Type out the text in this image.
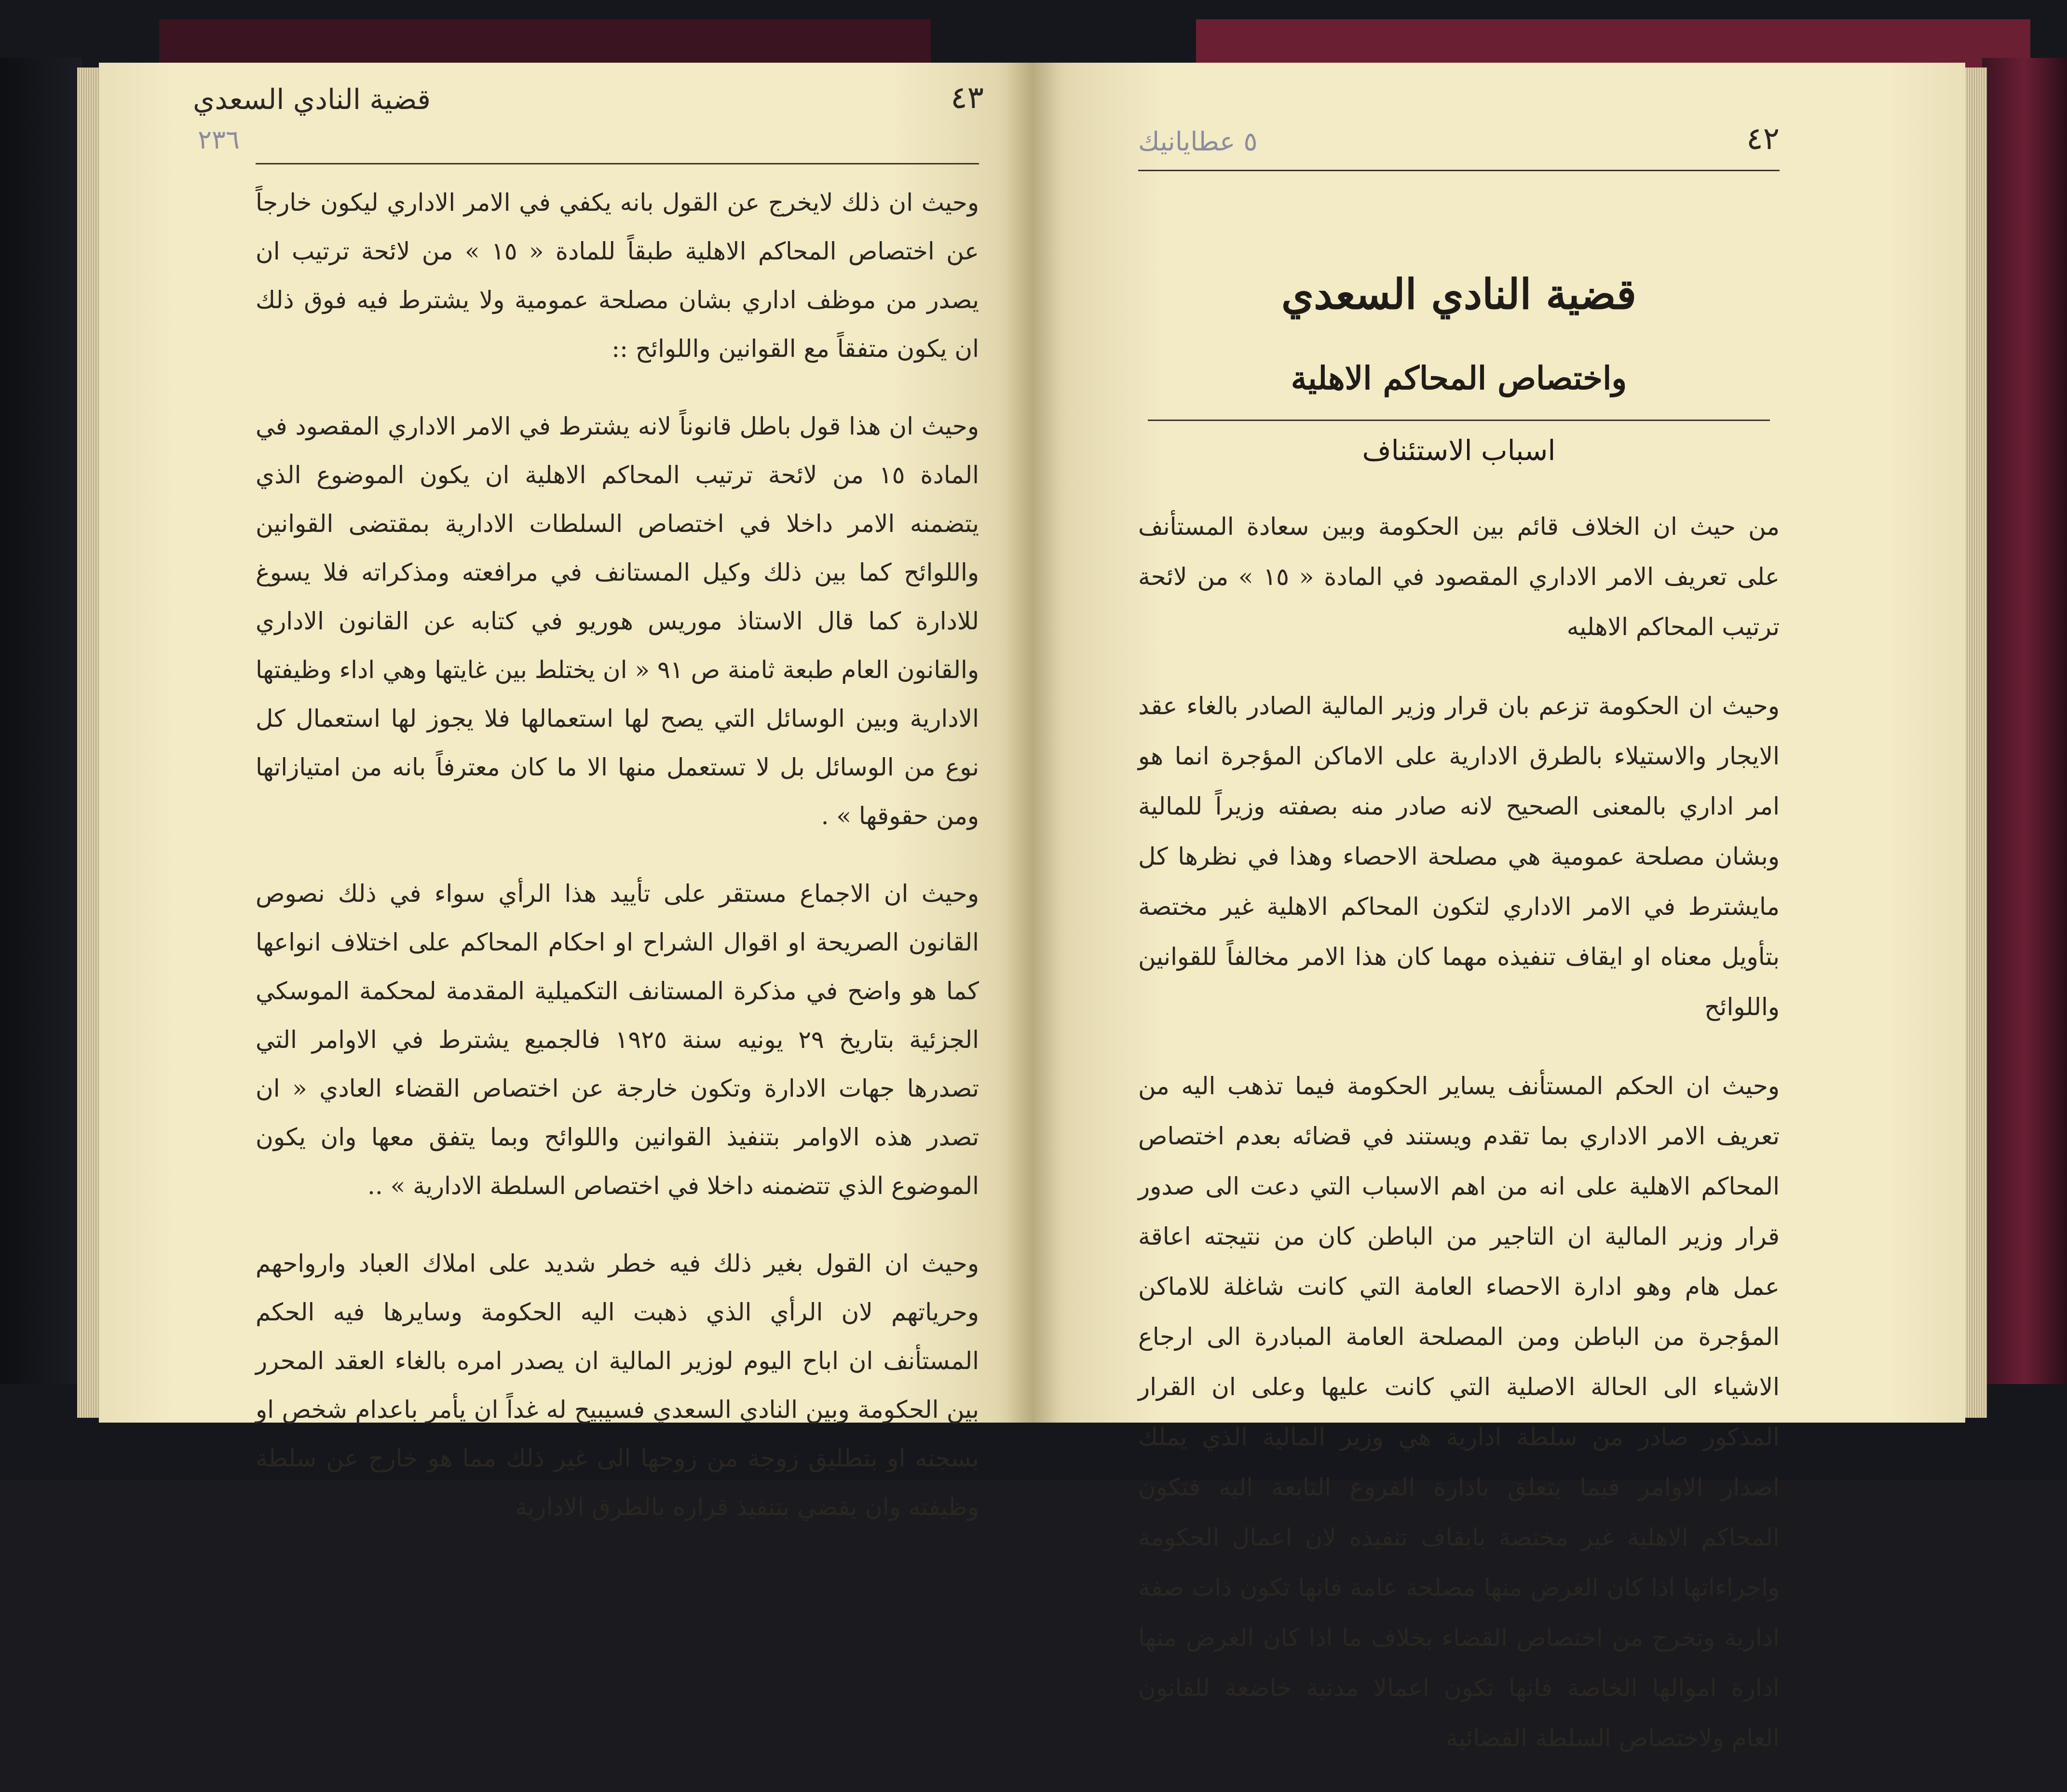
٤٣
قضية النادي السعدي
٢٣٦

وحيث ان ذلك لايخرج عن القول بانه يكفي في الامر الاداري ليكون خارجاً عن اختصاص المحاكم الاهلية طبقاً للمادة « ١٥ » من لائحة ترتيب ان يصدر من موظف اداري بشان مصلحة عمومية ولا يشترط فيه فوق ذلك ان يكون متفقاً مع القوانين واللوائح ::

وحيث ان هذا قول باطل قانوناً لانه يشترط في الامر الاداري المقصود في المادة ١٥ من لائحة ترتيب المحاكم الاهلية ان يكون الموضوع الذي يتضمنه الامر داخلا في اختصاص السلطات الادارية بمقتضى القوانين واللوائح كما بين ذلك وكيل المستانف في مرافعته ومذكراته فلا يسوغ للادارة كما قال الاستاذ موريس هوريو في كتابه عن القانون الاداري والقانون العام طبعة ثامنة ص ٩١ « ان يختلط بين غايتها وهي اداء وظيفتها الادارية وبين الوسائل التي يصح لها استعمالها فلا يجوز لها استعمال كل نوع من الوسائل بل لا تستعمل منها الا ما كان معترفاً بانه من امتيازاتها ومن حقوقها » .

وحيث ان الاجماع مستقر على تأييد هذا الرأي سواء في ذلك نصوص القانون الصريحة او اقوال الشراح او احكام المحاكم على اختلاف انواعها كما هو واضح في مذكرة المستانف التكميلية المقدمة لمحكمة الموسكي الجزئية بتاريخ ٢٩ يونيه سنة ١٩٢٥ فالجميع يشترط في الاوامر التي تصدرها جهات الادارة وتكون خارجة عن اختصاص القضاء العادي « ان تصدر هذه الاوامر بتنفيذ القوانين واللوائح وبما يتفق معها وان يكون الموضوع الذي تتضمنه داخلا في اختصاص السلطة الادارية » ..

وحيث ان القول بغير ذلك فيه خطر شديد على املاك العباد وارواحهم وحرياتهم لان الرأي الذي ذهبت اليه الحكومة وسايرها فيه الحكم المستأنف ان اباح اليوم لوزير المالية ان يصدر امره بالغاء العقد المحرر بين الحكومة وبين النادي السعدي فسيبيح له غداً ان يأمر باعدام شخص او بسجنه او بتطليق زوجة من زوجها الى غير ذلك مما هو خارج عن سلطة وظيفته وان يقضي بتنفيذ قراره بالطرق الادارية

٤٢
٥ عطايانيك
قضية النادي السعدي
واختصاص المحاكم الاهلية
اسباب الاستئناف

من حيث ان الخلاف قائم بين الحكومة وبين سعادة المستأنف على تعريف الامر الاداري المقصود في المادة « ١٥ » من لائحة ترتيب المحاكم الاهليه

وحيث ان الحكومة تزعم بان قرار وزير المالية الصادر بالغاء عقد الايجار والاستيلاء بالطرق الادارية على الاماكن المؤجرة انما هو امر اداري بالمعنى الصحيح لانه صادر منه بصفته وزيراً للمالية وبشان مصلحة عمومية هي مصلحة الاحصاء وهذا في نظرها كل مايشترط في الامر الاداري لتكون المحاكم الاهلية غير مختصة بتأويل معناه او ايقاف تنفيذه مهما كان هذا الامر مخالفاً للقوانين واللوائح

وحيث ان الحكم المستأنف يساير الحكومة فيما تذهب اليه من تعريف الامر الاداري بما تقدم ويستند في قضائه بعدم اختصاص المحاكم الاهلية على انه من اهم الاسباب التي دعت الى صدور قرار وزير المالية ان التاجير من الباطن كان من نتيجته اعاقة عمل هام وهو ادارة الاحصاء العامة التي كانت شاغلة للاماكن المؤجرة من الباطن ومن المصلحة العامة المبادرة الى ارجاع الاشياء الى الحالة الاصلية التي كانت عليها وعلى ان القرار المذكور صادر من سلطة ادارية هي وزير المالية الذي يملك اصدار الاوامر فيما يتعلق بادارة الفروع التابعة اليه فتكون المحاكم الاهلية غير مختصة بايقاف تنفيذه لان اعمال الحكومة واجراءاتها اذا كان الغرض منها مصلحة عامة فانها تكون ذات صفة ادارية وتخرج من اختصاص القضاء بخلاف ما اذا كان الغرض منها ادارة اموالها الخاصة فانها تكون اعمالا مدنية خاضعة للقانون العام ولاختصاص السلطة القضائية
